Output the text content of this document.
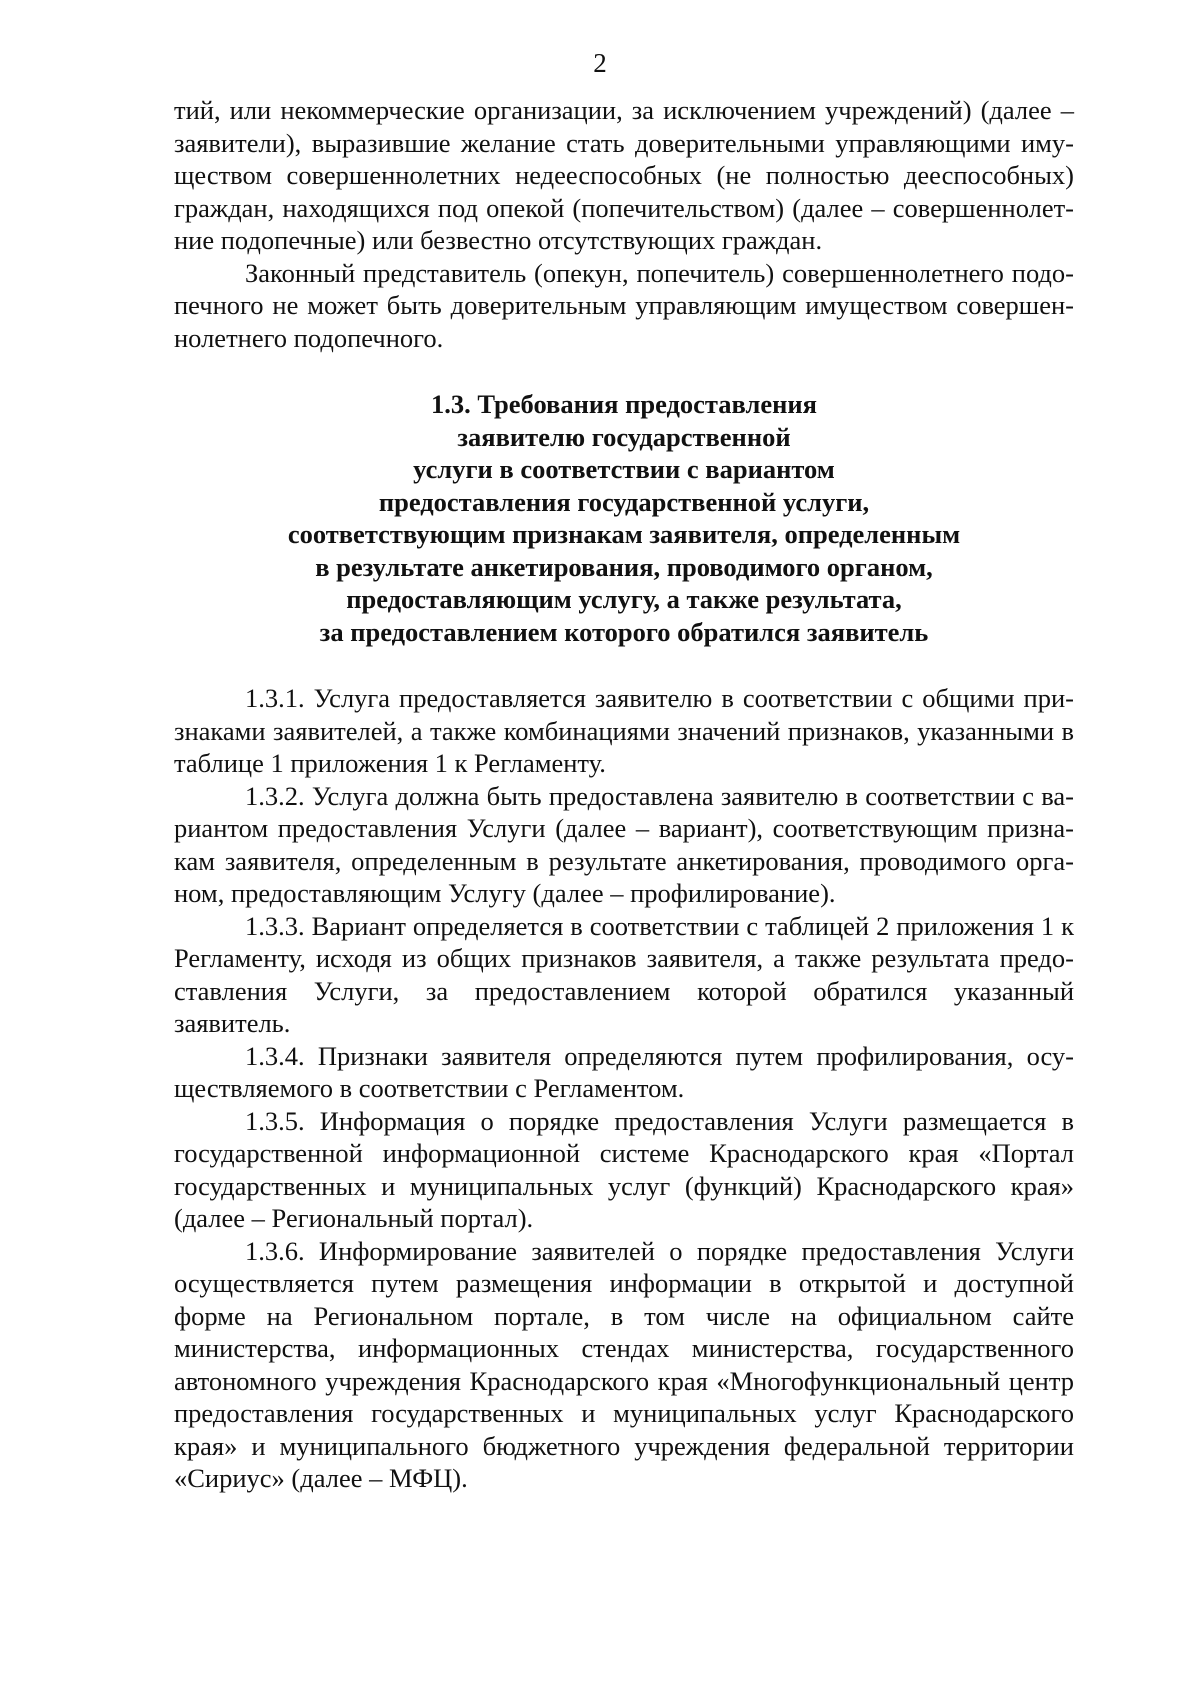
2

тий, или некоммерческие организации, за исключением учреждений) (далее – заявители), выразившие желание стать доверительными управляющими имуществом совершеннолетних недееспособных (не полностью дееспособных) граждан, находящихся под опекой (попечительством) (далее – совершеннолетние подопечные) или безвестно отсутствующих граждан.

Законный представитель (опекун, попечитель) совершеннолетнего подопечного не может быть доверительным управляющим имуществом совершеннолетнего подопечного.

1.3. Требования предоставления
заявителю государственной
услуги в соответствии с вариантом
предоставления государственной услуги,
соответствующим признакам заявителя, определенным
в результате анкетирования, проводимого органом,
предоставляющим услугу, а также результата,
за предоставлением которого обратился заявитель

1.3.1. Услуга предоставляется заявителю в соответствии с общими признаками заявителей, а также комбинациями значений признаков, указанными в таблице 1 приложения 1 к Регламенту.

1.3.2. Услуга должна быть предоставлена заявителю в соответствии с вариантом предоставления Услуги (далее – вариант), соответствующим признакам заявителя, определенным в результате анкетирования, проводимого органом, предоставляющим Услугу (далее – профилирование).

1.3.3. Вариант определяется в соответствии с таблицей 2 приложения 1 к Регламенту, исходя из общих признаков заявителя, а также результата предоставления Услуги, за предоставлением которой обратился указанный заявитель.

1.3.4. Признаки заявителя определяются путем профилирования, осуществляемого в соответствии с Регламентом.

1.3.5. Информация о порядке предоставления Услуги размещается в государственной информационной системе Краснодарского края «Портал государственных и муниципальных услуг (функций) Краснодарского края» (далее – Региональный портал).

1.3.6. Информирование заявителей о порядке предоставления Услуги осуществляется путем размещения информации в открытой и доступной форме на Региональном портале, в том числе на официальном сайте министерства, информационных стендах министерства, государственного автономного учреждения Краснодарского края «Многофункциональный центр предоставления государственных и муниципальных услуг Краснодарского края» и муниципального бюджетного учреждения федеральной территории «Сириус» (далее – МФЦ).
